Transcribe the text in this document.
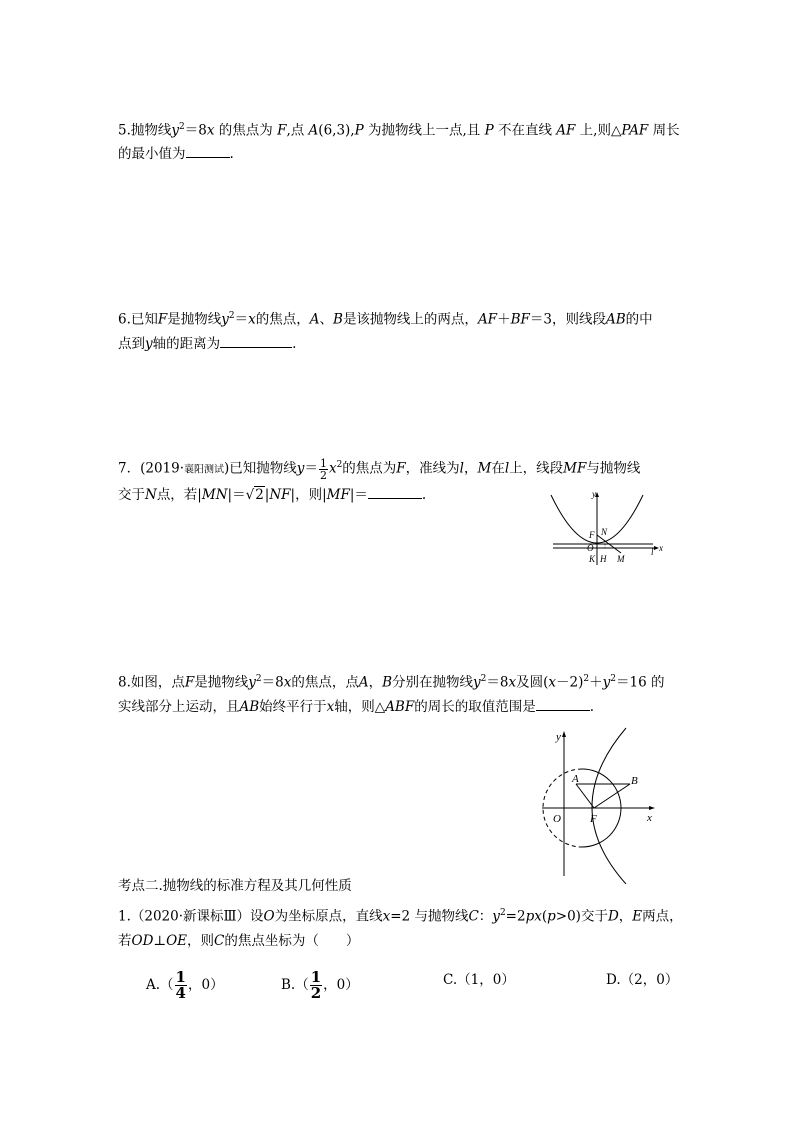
5.抛物线$y^2=8x$ 的焦点为 F,点 A(6,3),P 为抛物线上一点,且 P 不在直线 AF 上,则△PAF 周长
的最小值为	.
6.已知F是抛物线$y^2=x$的焦点，A、B是该抛物线上的两点，AF＋BF＝3，则线段AB的中
点到y轴的距离为	.
7．(2019·襄阳测试)已知抛物线$y= \frac{1}{2} x^2$的焦点为F，准线为l，M在l上，线段MF与抛物线
交于N点，若|MN|＝√2|NF|，则|MF|＝	.	y
x
F N
O
K H M
l
8.如图，点F是抛物线$y^2=8x$的焦点，点A，B分别在抛物线$y^2=8x$及圆$(x-2)^2+y^2=16$ 的
实线部分上运动，且AB始终平行于x轴，则△ABF的周长的取值范围是	.
y
x
A	B
O	F
考点二.抛物线的标准方程及其几何性质
1.（2020·新课标Ⅲ）设O为坐标原点，直线x=2 与抛物线C：$y^2=2px(p>0)$交于D，E两点，
若OD⊥OE，则C的焦点坐标为（　　）
$A.( \frac{1}{4}$ ，0）	$B.( \frac{1}{2}$ ，0）	C.（1，0）	D.（2，0）
